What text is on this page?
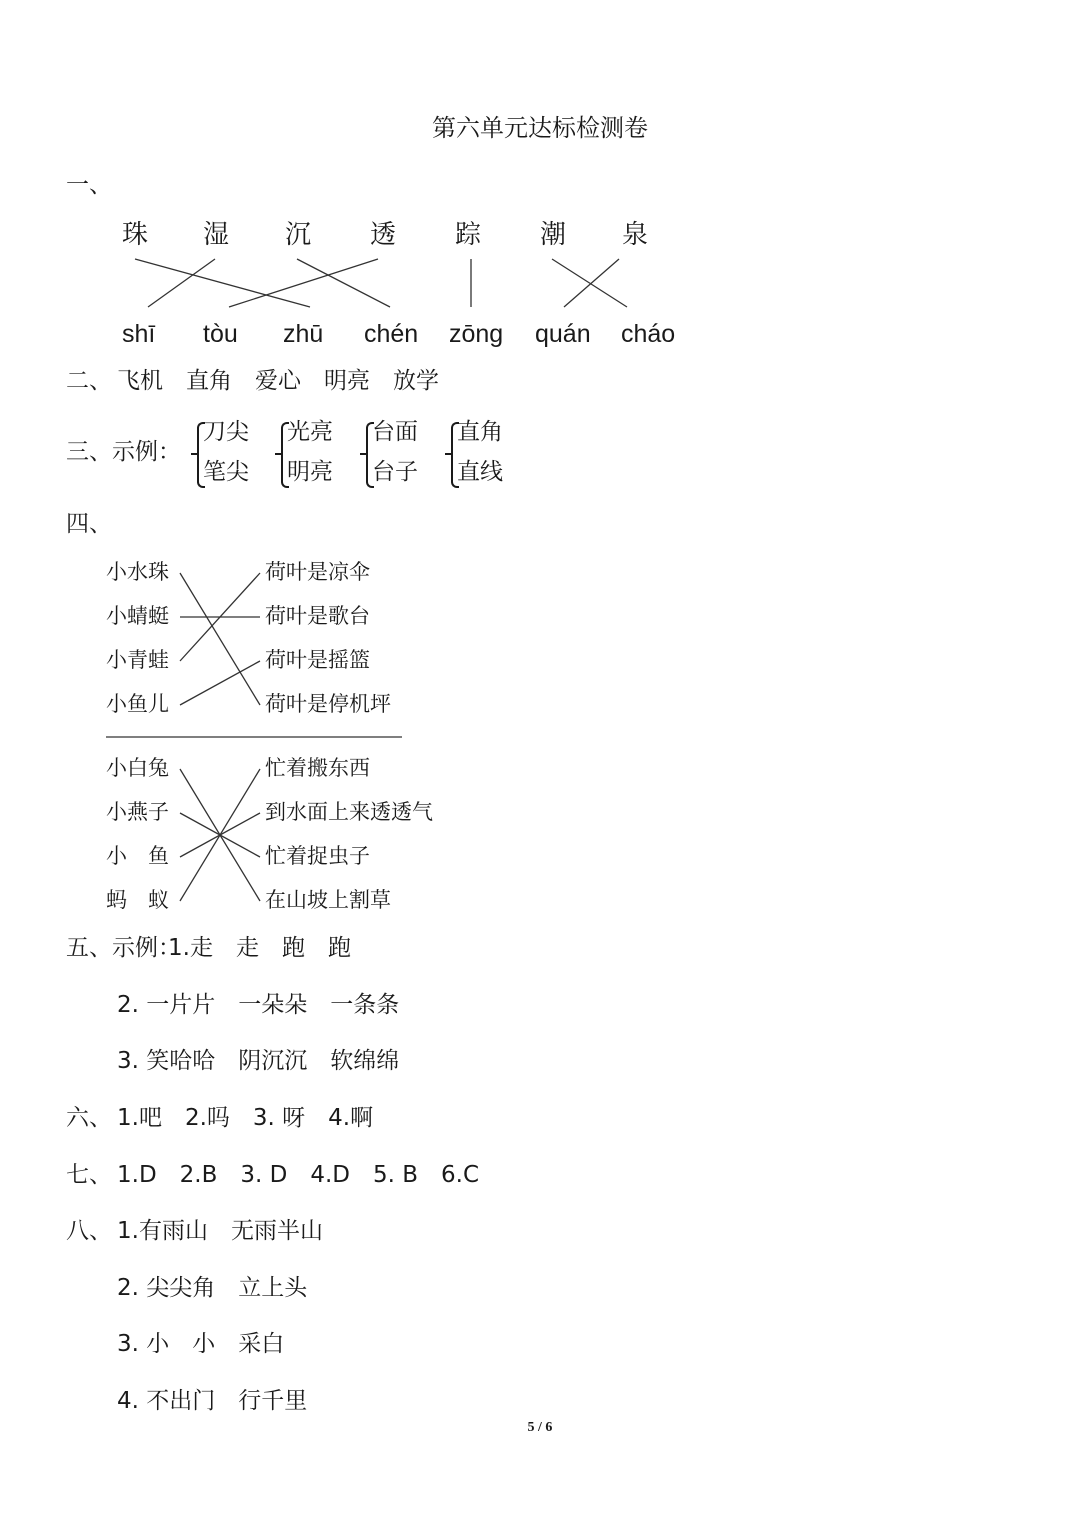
第六单元达标检测卷
一、
珠 湿 沉 透 踪 潮 泉
shī tòu zhū chén zōng quán cháo
二、 飞机　直角　爱心　明亮　放学
三、示例：
刀尖
笔尖
光亮
明亮
台面
台子
直角
直线
四、
小水珠
小蜻蜓
小青蛙
小鱼儿
荷叶是凉伞
荷叶是歌台
荷叶是摇篮
荷叶是停机坪
小白兔
小燕子
小　鱼
蚂　蚁
忙着搬东西
到水面上来透透气
忙着捉虫子
在山坡上割草
五、示例：
1.走　走　跑　跑
2. 一片片　一朵朵　一条条
3. 笑哈哈　阴沉沉　软绵绵
六、 1.吧　2.吗　3. 呀　4.啊
七、 1.D　2.B　3. D　4.D　5. B　6.C
八、 1.有雨山　无雨半山
2. 尖尖角　立上头
3. 小　小　采白
4. 不出门　行千里
5 / 6
